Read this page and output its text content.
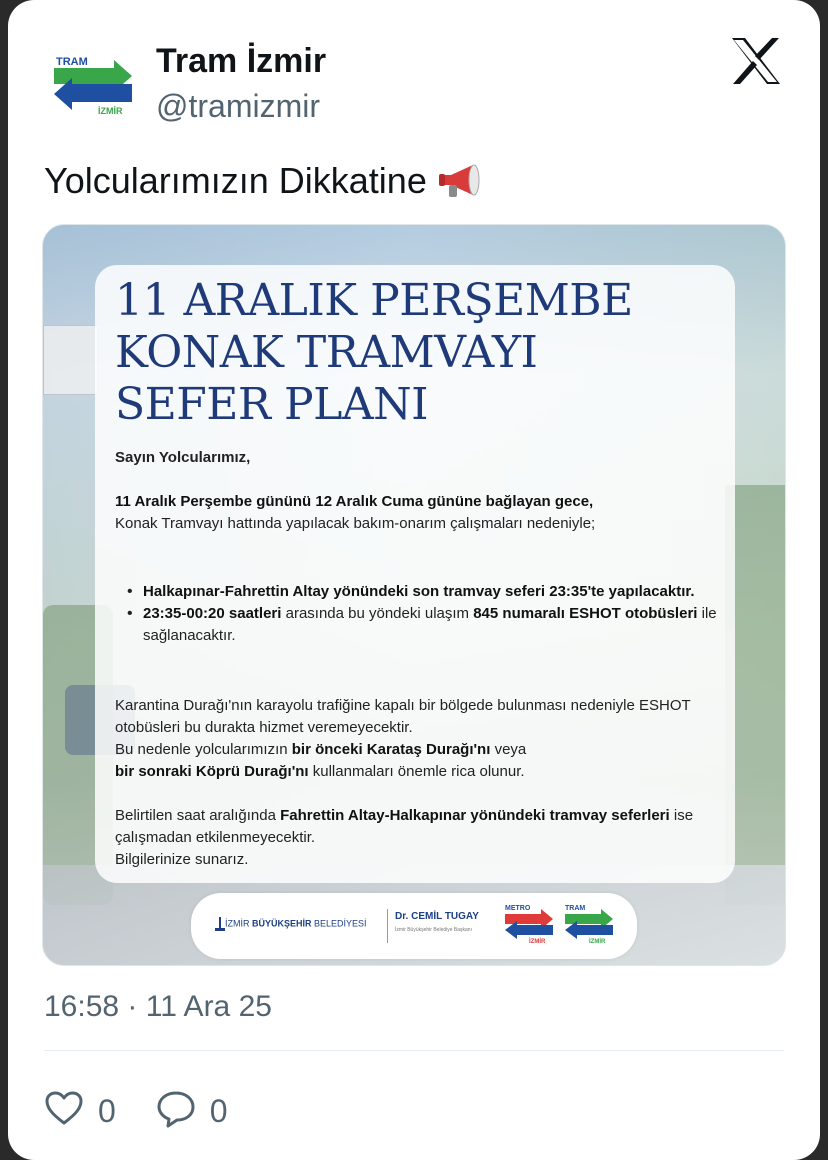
TRAM
İZMİR
Tram İzmir
@tramizmir
Yolcularımızın Dikkatine
11 ARALIK PERŞEMBE
KONAK TRAMVAYI
SEFER PLANI
Sayın Yolcularımız,
11 Aralık Perşembe gününü 12 Aralık Cuma gününe bağlayan gece,
Konak Tramvayı hattında yapılacak bakım-onarım çalışmaları nedeniyle;
• Halkapınar-Fahrettin Altay yönündeki son tramvay seferi 23:35'te yapılacaktır.
• 23:35-00:20 saatleri arasında bu yöndeki ulaşım 845 numaralı ESHOT otobüsleri ile sağlanacaktır.
Karantina Durağı'nın karayolu trafiğine kapalı bir bölgede bulunması nedeniyle ESHOT otobüsleri bu durakta hizmet veremeyecektir.
Bu nedenle yolcularımızın bir önceki Karataş Durağı'nı veya
bir sonraki Köprü Durağı'nı kullanmaları önemle rica olunur.
Belirtilen saat aralığında Fahrettin Altay-Halkapınar yönündeki tramvay seferleri ise çalışmadan etkilenmeyecektir.
Bilgilerinize sunarız.
İZMİR BÜYÜKŞEHİR BELEDİYESİ
Dr. CEMİL TUGAY
İzmir Büyükşehir Belediye Başkanı
METRO
İZMİR
TRAM
İZMİR
16:58 · 11 Ara 25
0	0
